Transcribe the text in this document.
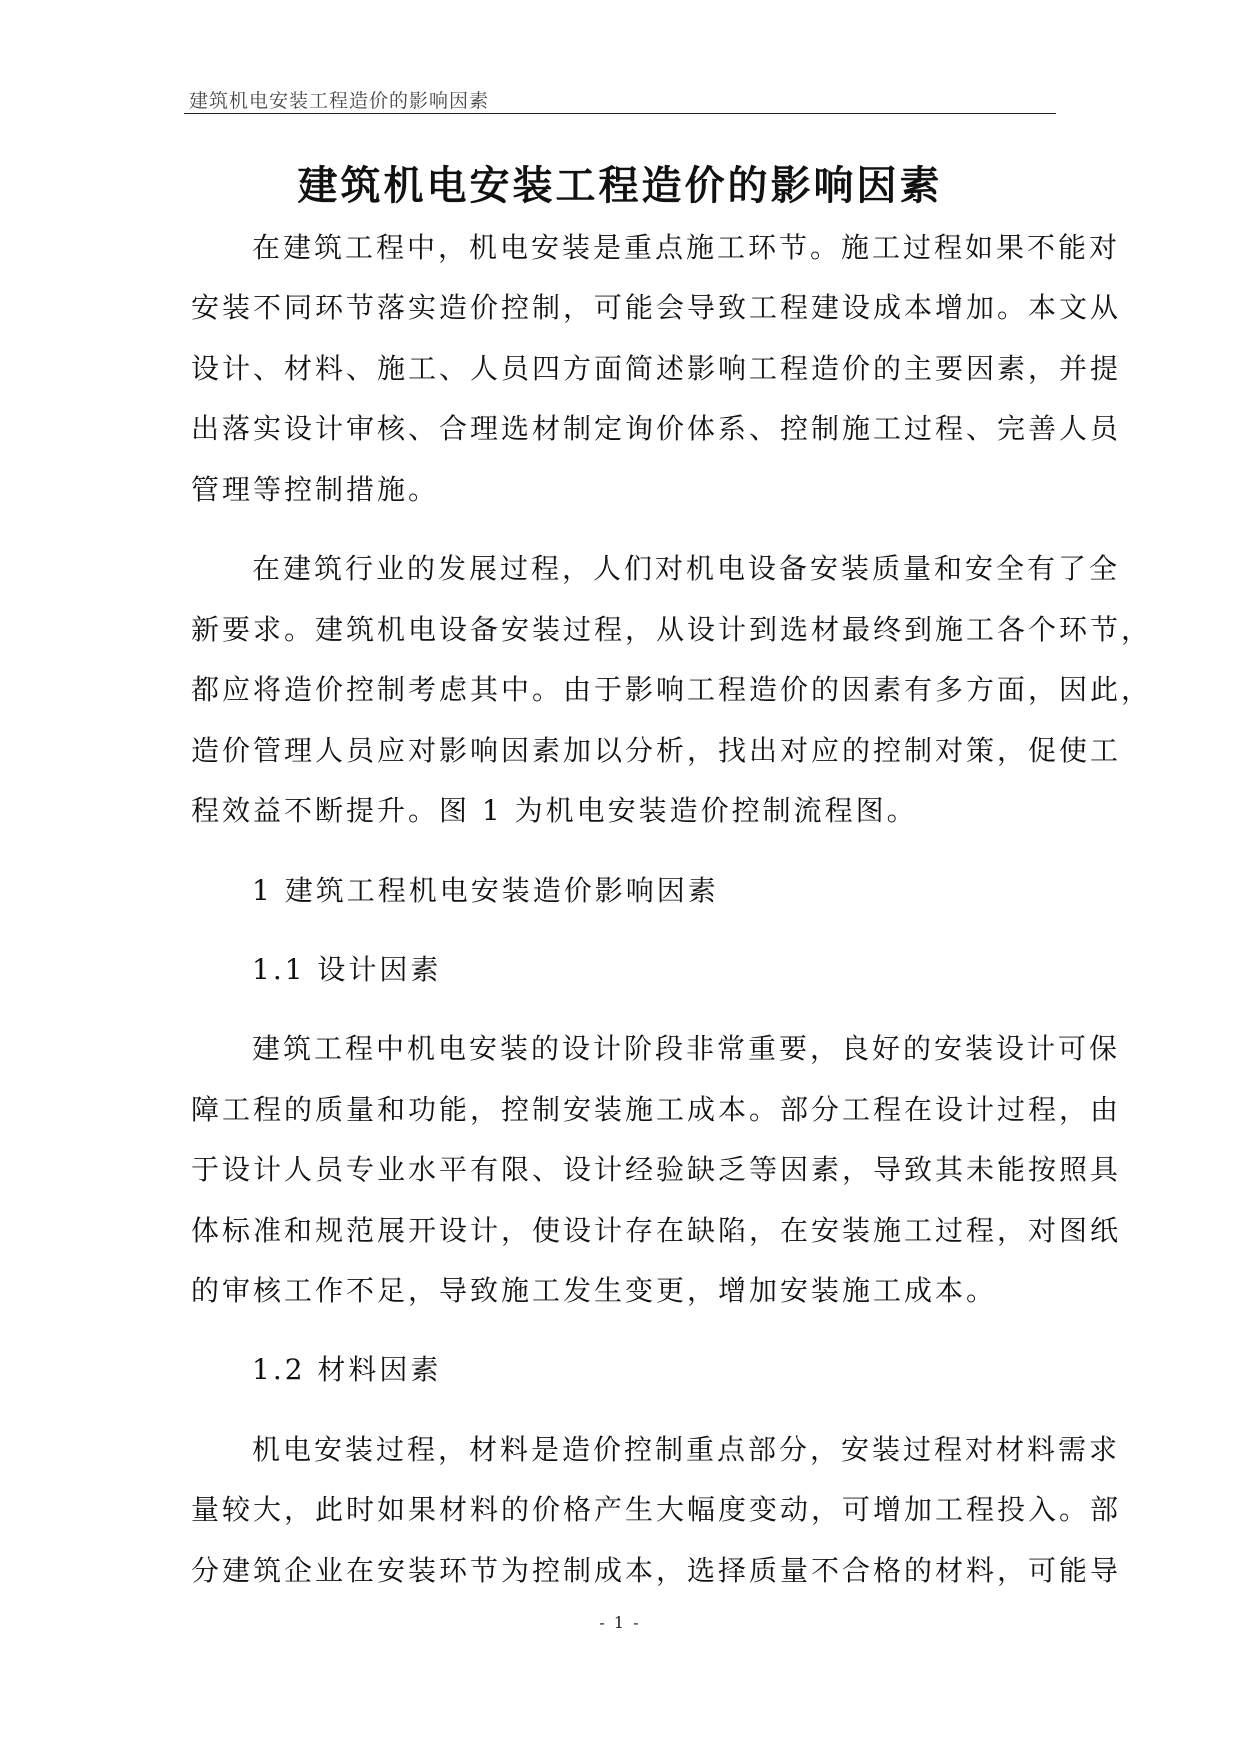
建筑机电安装工程造价的影响因素
建筑机电安装工程造价的影响因素
在建筑工程中，机电安装是重点施工环节。施工过程如果不能对
安装不同环节落实造价控制，可能会导致工程建设成本增加。本文从
设计、材料、施工、人员四方面简述影响工程造价的主要因素，并提
出落实设计审核、合理选材制定询价体系、控制施工过程、完善人员
管理等控制措施。
在建筑行业的发展过程，人们对机电设备安装质量和安全有了全
新要求。建筑机电设备安装过程，从设计到选材最终到施工各个环节，
都应将造价控制考虑其中。由于影响工程造价的因素有多方面，因此，
造价管理人员应对影响因素加以分析，找出对应的控制对策，促使工
程效益不断提升。图 1 为机电安装造价控制流程图。
1 建筑工程机电安装造价影响因素
1.1 设计因素
建筑工程中机电安装的设计阶段非常重要，良好的安装设计可保
障工程的质量和功能，控制安装施工成本。部分工程在设计过程，由
于设计人员专业水平有限、设计经验缺乏等因素，导致其未能按照具
体标准和规范展开设计，使设计存在缺陷，在安装施工过程，对图纸
的审核工作不足，导致施工发生变更，增加安装施工成本。
1.2 材料因素
机电安装过程，材料是造价控制重点部分，安装过程对材料需求
量较大，此时如果材料的价格产生大幅度变动，可增加工程投入。部
分建筑企业在安装环节为控制成本，选择质量不合格的材料，可能导
- 1 -
